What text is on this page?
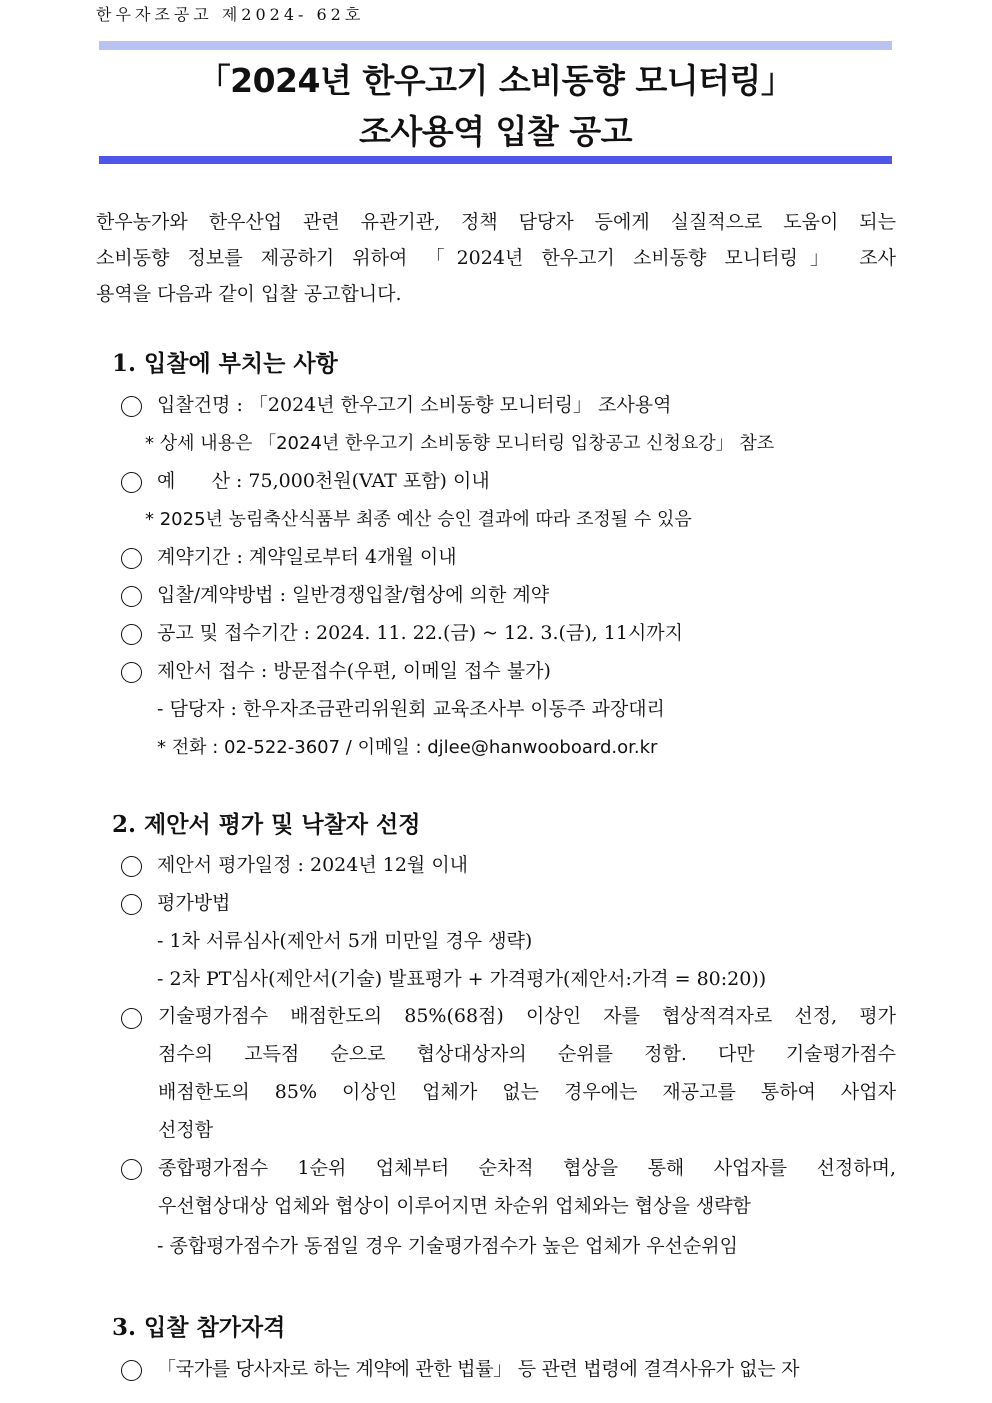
한우자조공고 제2024- 62호
「2024년 한우고기 소비동향 모니터링」
조사용역 입찰 공고
한우농가와 한우산업 관련 유관기관, 정책 담당자 등에게 실질적으로 도움이 되는
소비동향 정보를 제공하기 위하여 「2024년 한우고기 소비동향 모니터링」 조사
용역을 다음과 같이 입찰 공고합니다.
1. 입찰에 부치는 사항
입찰건명 : 「2024년 한우고기 소비동향 모니터링」 조사용역
* 상세 내용은 「2024년 한우고기 소비동향 모니터링 입창공고 신청요강」 참조
예      산 : 75,000천원(VAT 포함) 이내
* 2025년 농림축산식품부 최종 예산 승인 결과에 따라 조정될 수 있음
계약기간 : 계약일로부터 4개월 이내
입찰/계약방법 : 일반경쟁입찰/협상에 의한 계약
공고 및 접수기간 : 2024. 11. 22.(금) ~ 12. 3.(금), 11시까지
제안서 접수 : 방문접수(우편, 이메일 접수 불가)
- 담당자 : 한우자조금관리위원회 교육조사부 이동주 과장대리
* 전화 : 02-522-3607 / 이메일 : djlee@hanwooboard.or.kr
2. 제안서 평가 및 낙찰자 선정
제안서 평가일정 : 2024년 12월 이내
평가방법
- 1차 서류심사(제안서 5개 미만일 경우 생략)
- 2차 PT심사(제안서(기술) 발표평가 + 가격평가(제안서:가격 = 80:20))
기술평가점수 배점한도의 85%(68점) 이상인 자를 협상적격자로 선정, 평가
점수의 고득점 순으로 협상대상자의 순위를 정함. 다만 기술평가점수
배점한도의 85% 이상인 업체가 없는 경우에는 재공고를 통하여 사업자
선정함
종합평가점수 1순위 업체부터 순차적 협상을 통해 사업자를 선정하며,
우선협상대상 업체와 협상이 이루어지면 차순위 업체와는 협상을 생략함
- 종합평가점수가 동점일 경우 기술평가점수가 높은 업체가 우선순위임
3. 입찰 참가자격
「국가를 당사자로 하는 계약에 관한 법률」 등 관련 법령에 결격사유가 없는 자
